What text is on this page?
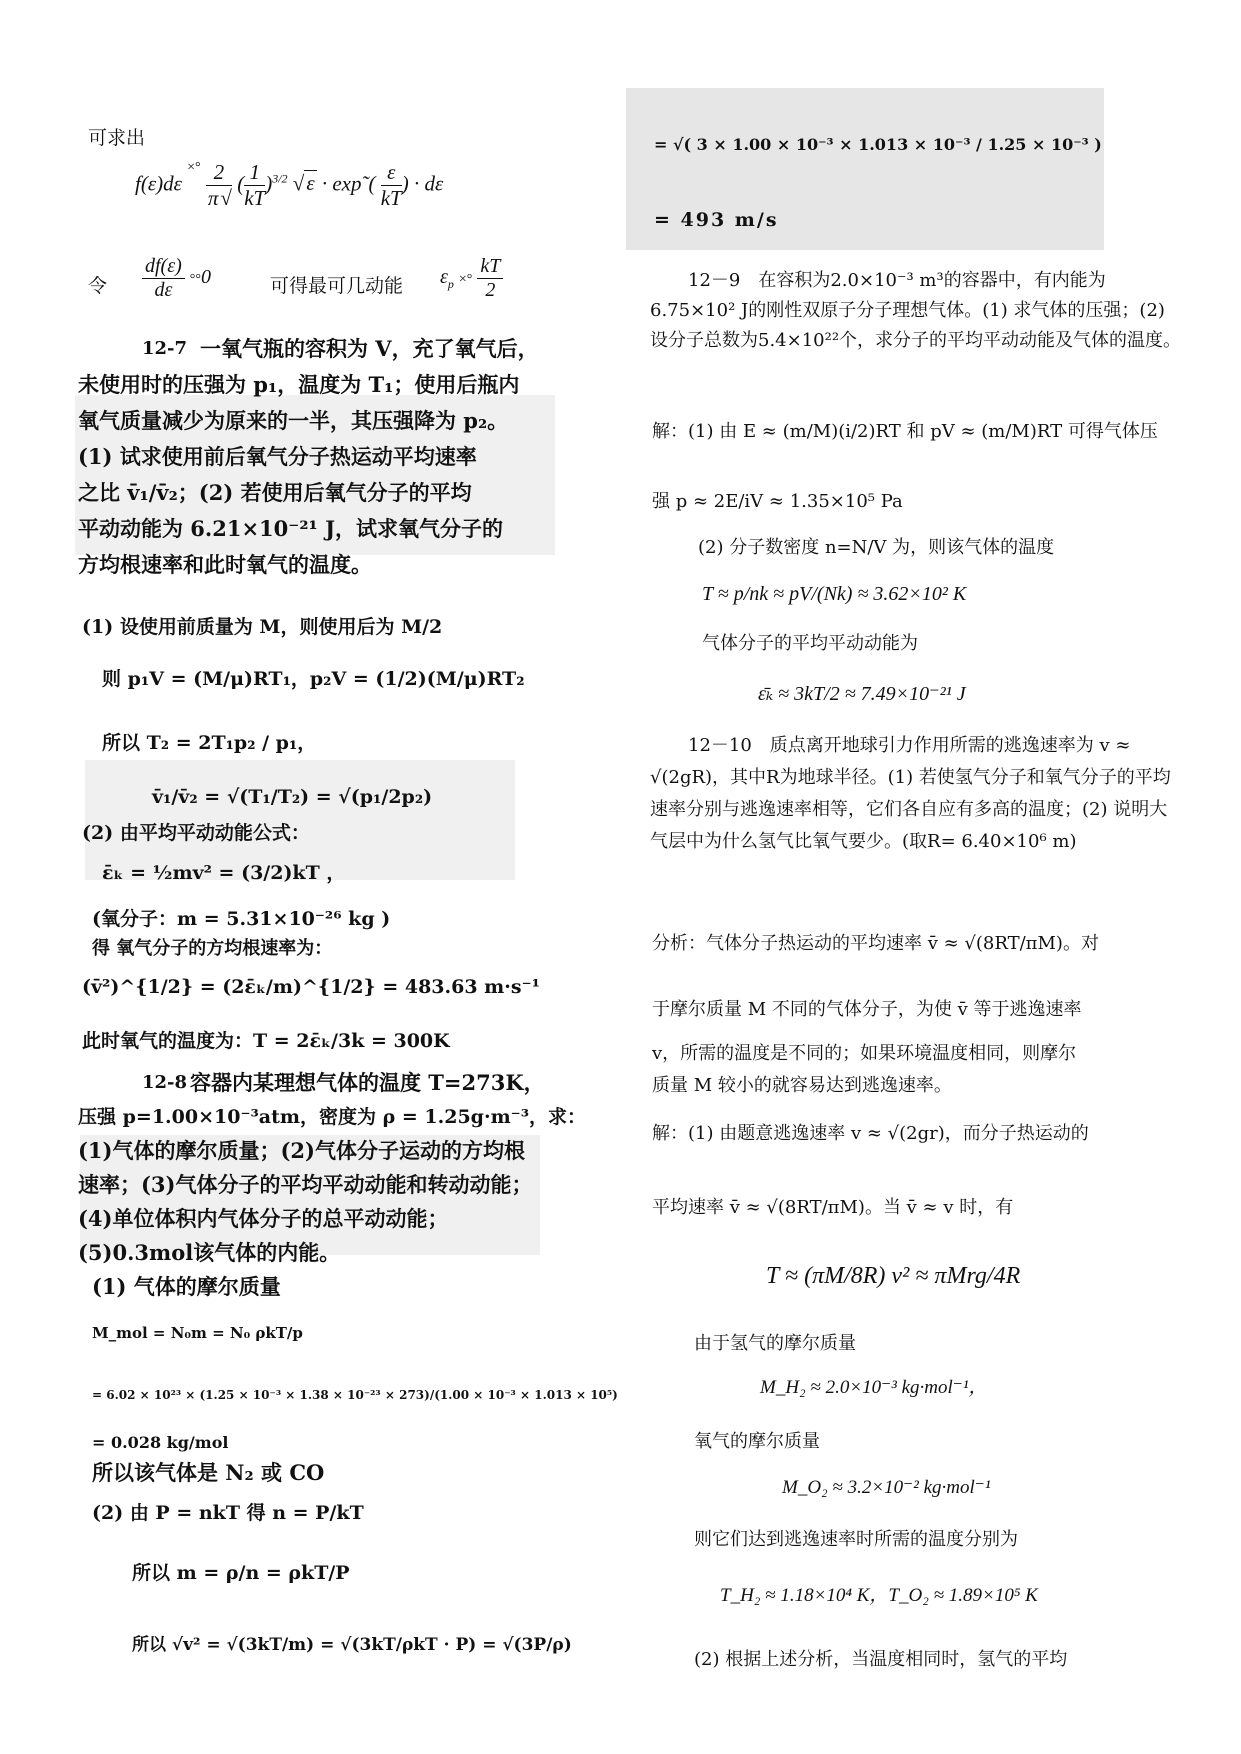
可求出
f(ε)dε $^{\times^\circ} \frac{2}{\pi√}$ ( $\frac{1}{kT} )^{3/2}$ √ε · exp˜( $\frac{\varepsilon}{kT}$ ) · dε
令 $\frac{df(\varepsilon)}{d\varepsilon} ^\circ^\circ 0$	可得最可几动能 $\varepsilon_p$ ×° $\frac{kT}{2}$
12-7 一氧气瓶的容积为 V，充了氧气后，
未使用时的压强为 p₁，温度为 T₁；使用后瓶内
氧气质量减少为原来的一半，其压强降为 p₂。
(1) 试求使用前后氧气分子热运动平均速率
之比 v̄₁/v̄₂；(2) 若使用后氧气分子的平均
平动动能为 6.21×10⁻²¹ J，试求氧气分子的
方均根速率和此时氧气的温度。
(1) 设使用前质量为 M，则使用后为 M/2
则 p₁V = (M/μ)RT₁，p₂V = (1/2)(M/μ)RT₂
所以 T₂ = 2T₁p₂ / p₁，
v̄₁/v̄₂ = √(T₁/T₂) = √(p₁/2p₂)
(2) 由平均平动动能公式：
ε̄ₖ = ½mv² = (3/2)kT ，
(氧分子：m = 5.31×10⁻²⁶ kg )
得 氧气分子的方均根速率为：
(v̄²)^{1/2} = (2ε̄ₖ/m)^{1/2} = 483.63 m·s⁻¹
此时氧气的温度为：T = 2ε̄ₖ/3k = 300K
12-8 容器内某理想气体的温度 T=273K，
压强 p=1.00×10⁻³atm，密度为 ρ = 1.25g·m⁻³，求：
(1)气体的摩尔质量；(2)气体分子运动的方均根
速率；(3)气体分子的平均平动动能和转动动能；
(4)单位体积内气体分子的总平动动能；
(5)0.3mol该气体的内能。
(1) 气体的摩尔质量
M_mol = N₀m = N₀ ρkT/p
= 6.02 × 10²³ × (1.25 × 10⁻³ × 1.38 × 10⁻²³ × 273)/(1.00 × 10⁻³ × 1.013 × 10⁵)
= 0.028 kg/mol
所以该气体是 N₂ 或 CO
(2) 由 P = nkT 得 n = P/kT
所以 m = ρ/n = ρkT/P
所以 √v² = √(3kT/m) = √(3kT/ρkT · P) = √(3P/ρ)
= √( 3 × 1.00 × 10⁻³ × 1.013 × 10⁻³ / 1.25 × 10⁻³ )
= 493 m/s
12－9　在容积为2.0×10⁻³ m³的容器中，有内能为6.75×10² J的刚性双原子分子理想气体。(1) 求气体的压强；(2) 设分子总数为5.4×10²²个，求分子的平均平动动能及气体的温度。
解：(1) 由 E ≈ (m/M)(i/2)RT 和 pV ≈ (m/M)RT 可得气体压
强 p ≈ 2E/iV ≈ 1.35×10⁵ Pa
(2) 分子数密度 n=N/V 为，则该气体的温度
T ≈ p/nk ≈ pV/(Nk) ≈ 3.62×10² K
气体分子的平均平动动能为
ε̄ₖ ≈ 3kT/2 ≈ 7.49×10⁻²¹ J
12－10　质点离开地球引力作用所需的逃逸速率为 v ≈ √(2gR)，其中R为地球半径。(1) 若使氢气分子和氧气分子的平均速率分别与逃逸速率相等，它们各自应有多高的温度；(2) 说明大气层中为什么氢气比氧气要少。(取R= 6.40×10⁶ m)
分析：气体分子热运动的平均速率 v̄ ≈ √(8RT/πM)。对
于摩尔质量 M 不同的气体分子，为使 v̄ 等于逃逸速率
v，所需的温度是不同的；如果环境温度相同，则摩尔
质量 M 较小的就容易达到逃逸速率。
解：(1) 由题意逃逸速率 v ≈ √(2gr)，而分子热运动的
平均速率 v̄ ≈ √(8RT/πM)。当 v̄ ≈ v 时，有
T ≈ (πM/8R) v² ≈ πMrg/4R
由于氢气的摩尔质量
M_H₂ ≈ 2.0×10⁻³ kg·mol⁻¹，
氧气的摩尔质量
M_O₂ ≈ 3.2×10⁻² kg·mol⁻¹
则它们达到逃逸速率时所需的温度分别为
T_H₂ ≈ 1.18×10⁴ K，T_O₂ ≈ 1.89×10⁵ K
(2) 根据上述分析，当温度相同时，氢气的平均
